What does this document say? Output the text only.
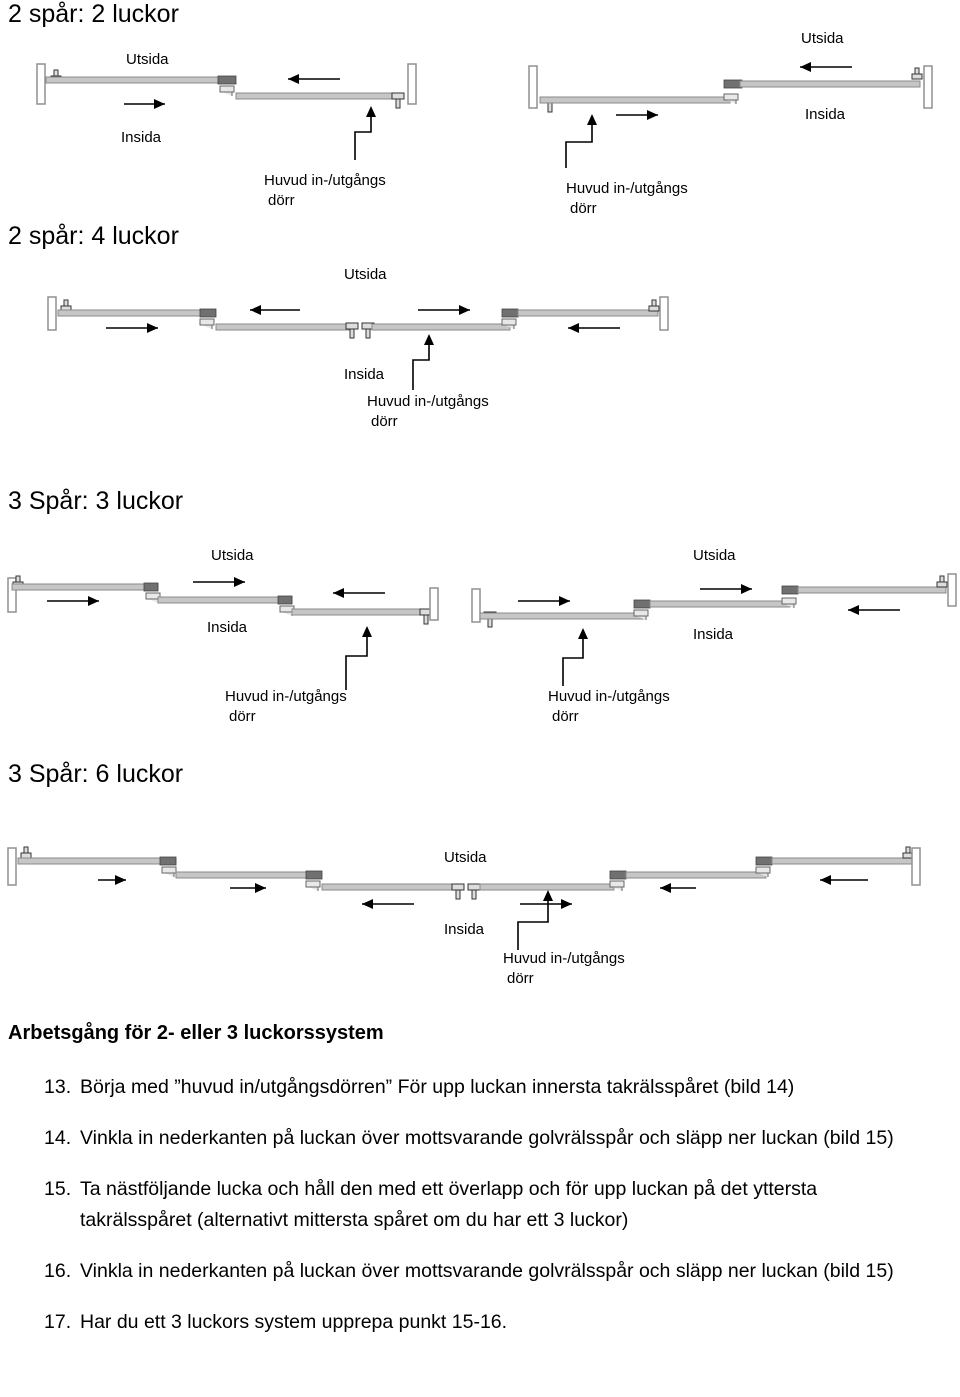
2 spår: 2 luckor
2 spår: 4 luckor
3 Spår: 3 luckor
3 Spår: 6 luckor
Utsida
Insida
Huvud in-/utgångs
dörr
Utsida
Insida
Huvud in-/utgångs
dörr
Utsida
Insida
Huvud in-/utgångs
dörr
Utsida
Insida
Huvud in-/utgångs
dörr
Utsida
Insida
Huvud in-/utgångs
dörr
Utsida
Insida
Huvud in-/utgångs
dörr
Arbetsgång för 2- eller 3 luckorssystem
13. Börja med ”huvud in/utgångsdörren” För upp luckan innersta takrälsspåret (bild 14)
14. Vinkla in nederkanten på luckan över mottsvarande golvrälsspår och släpp ner luckan (bild 15)
15. Ta nästföljande lucka och håll den med ett överlapp och för upp luckan på det yttersta takrälsspåret (alternativt mittersta spåret om du har ett 3 luckor)
16. Vinkla in nederkanten på luckan över mottsvarande golvrälsspår och släpp ner luckan (bild 15)
17. Har du ett 3 luckors system upprepa punkt 15-16.
